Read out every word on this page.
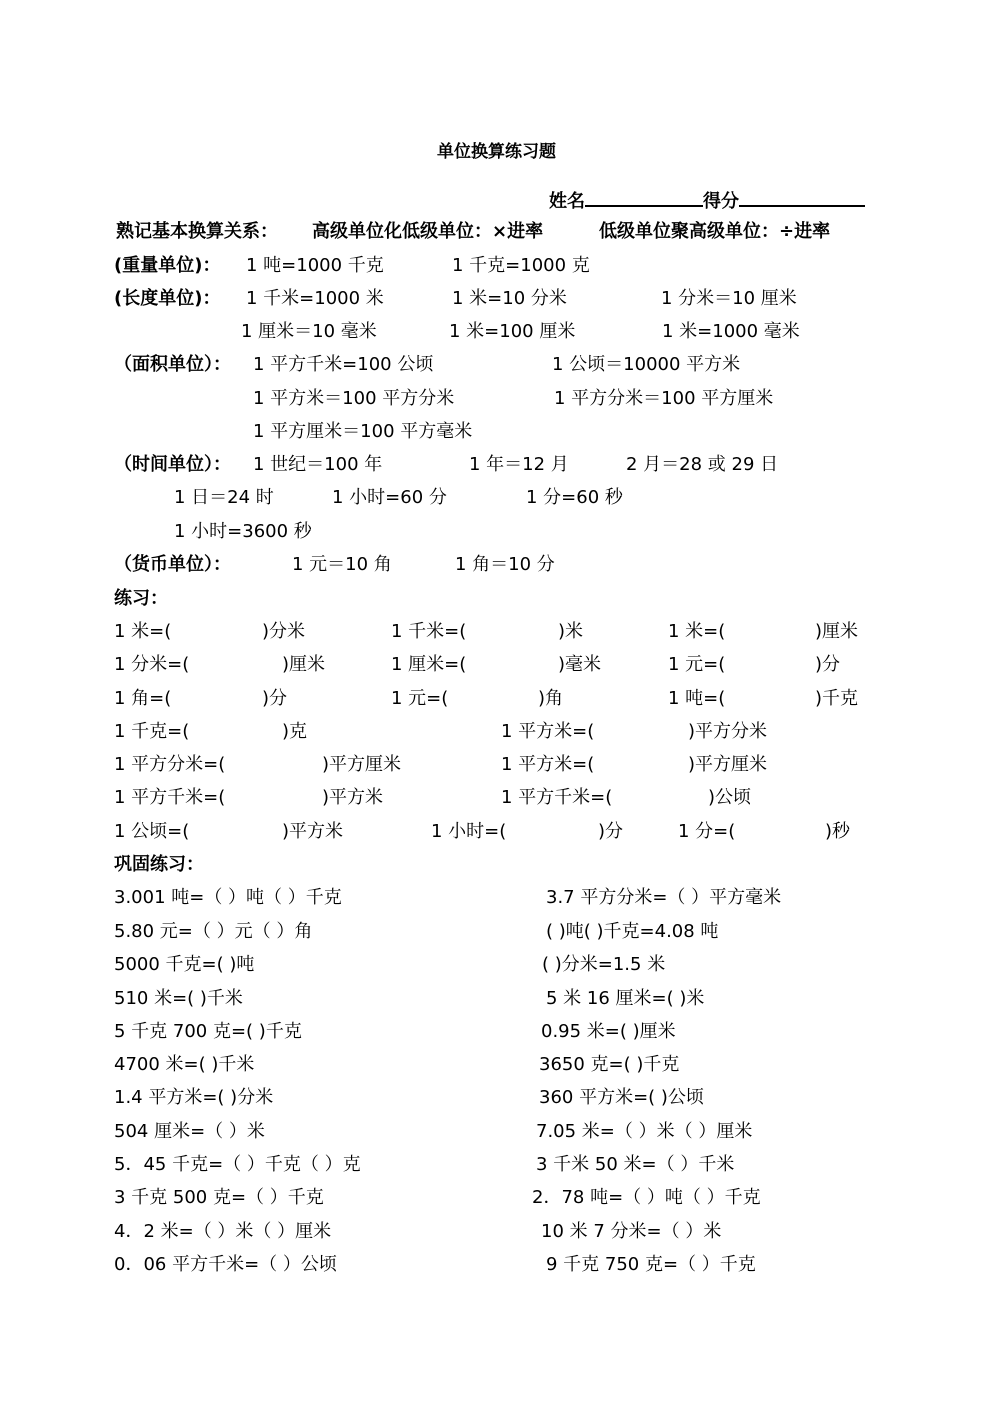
单位换算练习题
姓名	得分
熟记基本换算关系： 高级单位化低级单位：×进率	低级单位聚高级单位：÷进率
(重量单位)： 1 吨=1000 千克	1 千克=1000 克
(长度单位)： 1 千米=1000 米	1 米=10 分米	1 分米＝10 厘米
1 厘米＝10 毫米	1 米=100 厘米	1 米=1000 毫米
（面积单位）： 1 平方千米=100 公顷	1 公顷＝10000 平方米
1 平方米＝100 平方分米	1 平方分米＝100 平方厘米
1 平方厘米＝100 平方毫米
（时间单位）： 1 世纪＝100 年	1 年＝12 月	2 月＝28 或 29 日
1 日＝24 时	1 小时=60 分	1 分=60 秒
1 小时=3600 秒
（货币单位）：	1 元＝10 角	1 角＝10 分
练习：
1 米=(	)分米	1 千米=(	)米	1 米=(	)厘米
1 分米=(	)厘米	1 厘米=(	)毫米	1 元=(	)分
1 角=(	)分	1 元=(	)角	1 吨=(	)千克
1 千克=(	)克	1 平方米=(	)平方分米
1 平方分米=(	)平方厘米	1 平方米=(	)平方厘米
1 平方千米=(	)平方米	1 平方千米=(	)公顷
1 公顷=(	)平方米	1 小时=(	)分	1 分=(	)秒
巩固练习：
3.001 吨=（ ）吨（ ）千克
5.80 元=（ ）元（ ）角
5000 千克=( )吨
510 米=( )千米
5 千克 700 克=( )千克
4700 米=( )千米
1.4 平方米=( )分米
504 厘米=（ ）米
5．45 千克=（ ）千克（ ）克
3 千克 500 克=（ ）千克
4．2 米=（ ）米（ ）厘米
0．06 平方千米=（ ）公顷
3.7 平方分米=（ ）平方毫米
( )吨( )千克=4.08 吨
( )分米=1.5 米
5 米 16 厘米=( )米
0.95 米=( )厘米
3650 克=( )千克
360 平方米=( )公顷
7.05 米=（ ）米（ ）厘米
3 千米 50 米=（ ）千米
2．78 吨=（ ）吨（ ）千克
10 米 7 分米=（ ）米
9 千克 750 克=（ ）千克
